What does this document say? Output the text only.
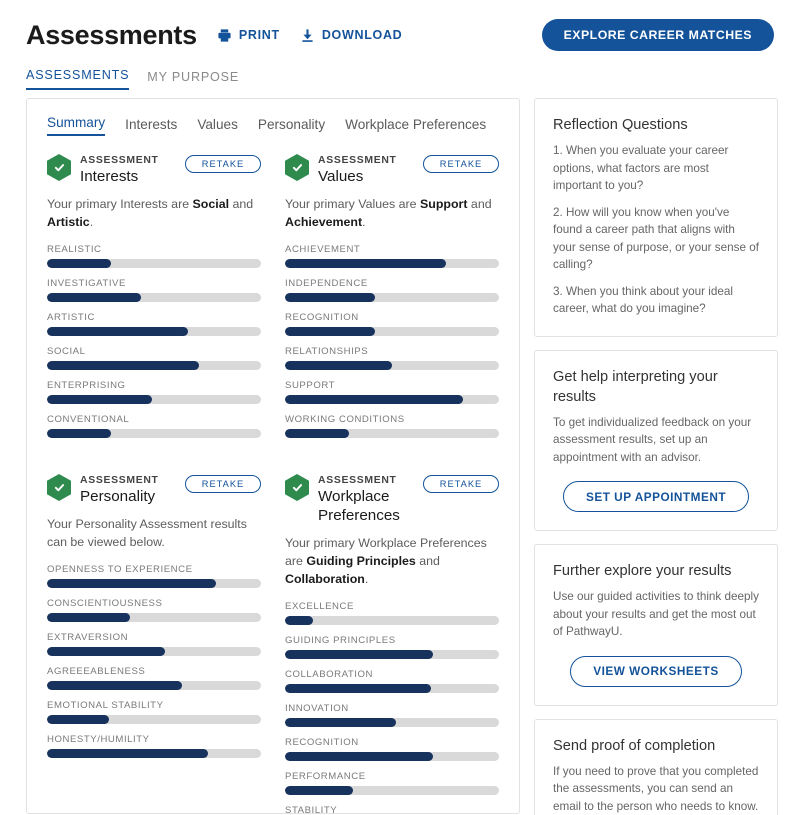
Assessments	PRINT	DOWNLOAD	EXPLORE CAREER MATCHES
ASSESSMENTS MY PURPOSE
Summary Interests Values Personality Workplace Preferences
ASSESSMENT
Interests
RETAKE
Your primary Interests are Social and Artistic.
REALISTIC
INVESTIGATIVE
ARTISTIC
SOCIAL
ENTERPRISING
CONVENTIONAL
ASSESSMENT
Values
RETAKE
Your primary Values are Support and Achievement.
ACHIEVEMENT
INDEPENDENCE
RECOGNITION
RELATIONSHIPS
SUPPORT
WORKING CONDITIONS
ASSESSMENT
Personality
RETAKE
Your Personality Assessment results can be viewed below.
OPENNESS TO EXPERIENCE
CONSCIENTIOUSNESS
EXTRAVERSION
AGREEEABLENESS
EMOTIONAL STABILITY
HONESTY/HUMILITY
ASSESSMENT
Workplace Preferences
RETAKE
Your primary Workplace Preferences are Guiding Principles and Collaboration.
EXCELLENCE
GUIDING PRINCIPLES
COLLABORATION
INNOVATION
RECOGNITION
PERFORMANCE
STABILITY
Reflection Questions

1. When you evaluate your career options, what factors are most important to you?

2. How will you know when you've found a career path that aligns with your sense of purpose, or your sense of calling?

3. When you think about your ideal career, what do you imagine?

Get help interpreting your results

To get individualized feedback on your assessment results, set up an appointment with an advisor.

SET UP APPOINTMENT
Further explore your results

Use our guided activities to think deeply about your results and get the most out of PathwayU.

VIEW WORKSHEETS
Send proof of completion

If you need to prove that you completed the assessments, you can send an email to the person who needs to know.
